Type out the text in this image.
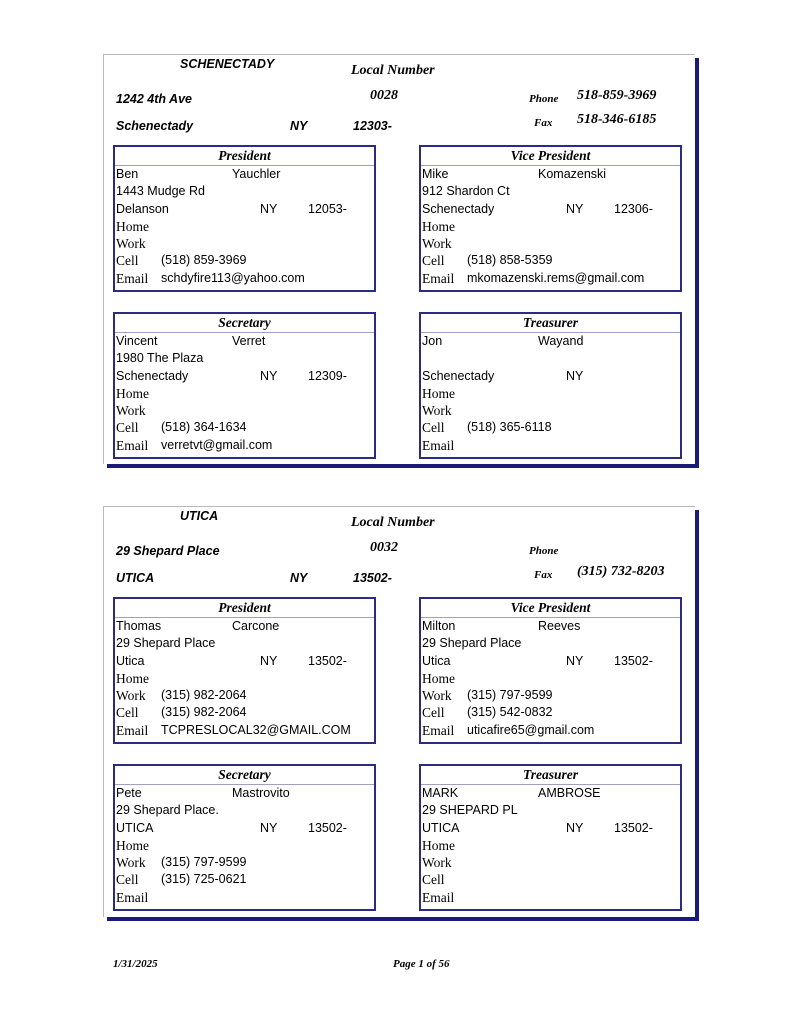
SCHENECTADY	Local Number
0028
1242 4th Ave
Schenectady	NY	12303-
Phone 518-859-3969
Fax 518-346-6185
President
Ben	Yauchler
1443 Mudge Rd
Delanson	NY 12053-
Home
Work
Cell (518) 859-3969
Email schdyfire113@yahoo.com
Vice President
Mike	Komazenski
912 Shardon Ct
Schenectady	NY 12306-
Home
Work
Cell (518) 858-5359
Email mkomazenski.rems@gmail.com
Secretary
Vincent	Verret
1980 The Plaza
Schenectady	NY 12309-
Home
Work
Cell (518) 364-1634
Email verretvt@gmail.com
Treasurer
Jon	Wayand
Schenectady	NY
Home
Work
Cell (518) 365-6118
Email
UTICA	Local Number
0032
29 Shepard Place
UTICA	NY	13502-
Phone
Fax (315) 732-8203
President
Thomas	Carcone
29 Shepard Place
Utica	NY 13502-
Home
Work (315) 982-2064
Cell (315) 982-2064
Email TCPRESLOCAL32@GMAIL.COM
Vice President
Milton	Reeves
29 Shepard Place
Utica	NY 13502-
Home
Work (315) 797-9599
Cell (315) 542-0832
Email uticafire65@gmail.com
Secretary
Pete	Mastrovito
29 Shepard Place.
UTICA	NY 13502-
Home
Work (315) 797-9599
Cell (315) 725-0621
Email
Treasurer
MARK	AMBROSE
29 SHEPARD PL
UTICA	NY 13502-
Home
Work
Cell
Email
1/31/2025	Page 1 of 56
